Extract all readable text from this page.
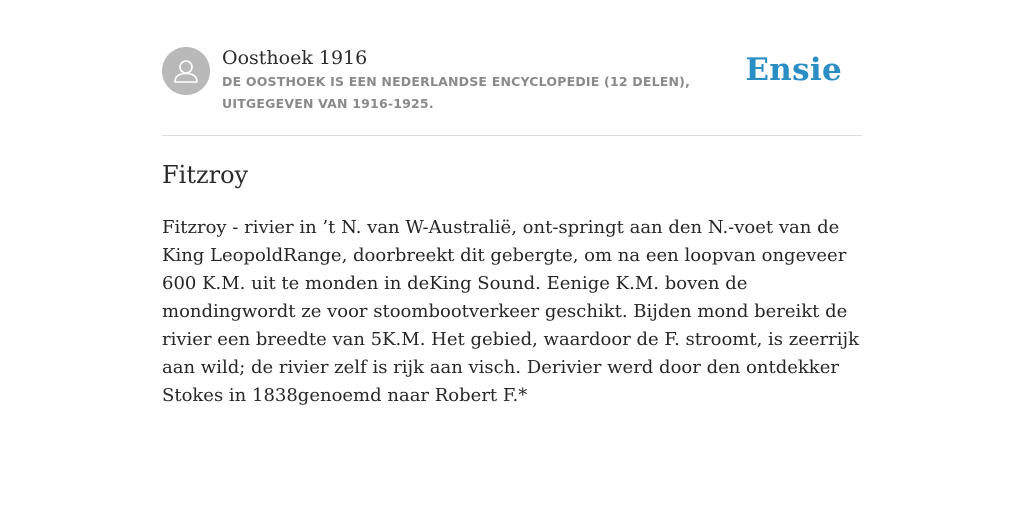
Oosthoek 1916
DE OOSTHOEK IS EEN NEDERLANDSE ENCYCLOPEDIE (12 DELEN), UITGEGEVEN VAN 1916-1925.
Ensie
Fitzroy

Fitzroy - rivier in ’t N. van W-Australië, ont-springt aan den N.-voet van de King LeopoldRange, doorbreekt dit gebergte, om na een loopvan ongeveer 600 K.M. uit te monden in deKing Sound. Eenige K.M. boven de mondingwordt ze voor stoombootverkeer geschikt. Bijden mond bereikt de rivier een breedte van 5K.M. Het gebied, waardoor de F. stroomt, is zeerrijk aan wild; de rivier zelf is rijk aan visch. Derivier werd door den ontdekker Stokes in 1838genoemd naar Robert F.*
